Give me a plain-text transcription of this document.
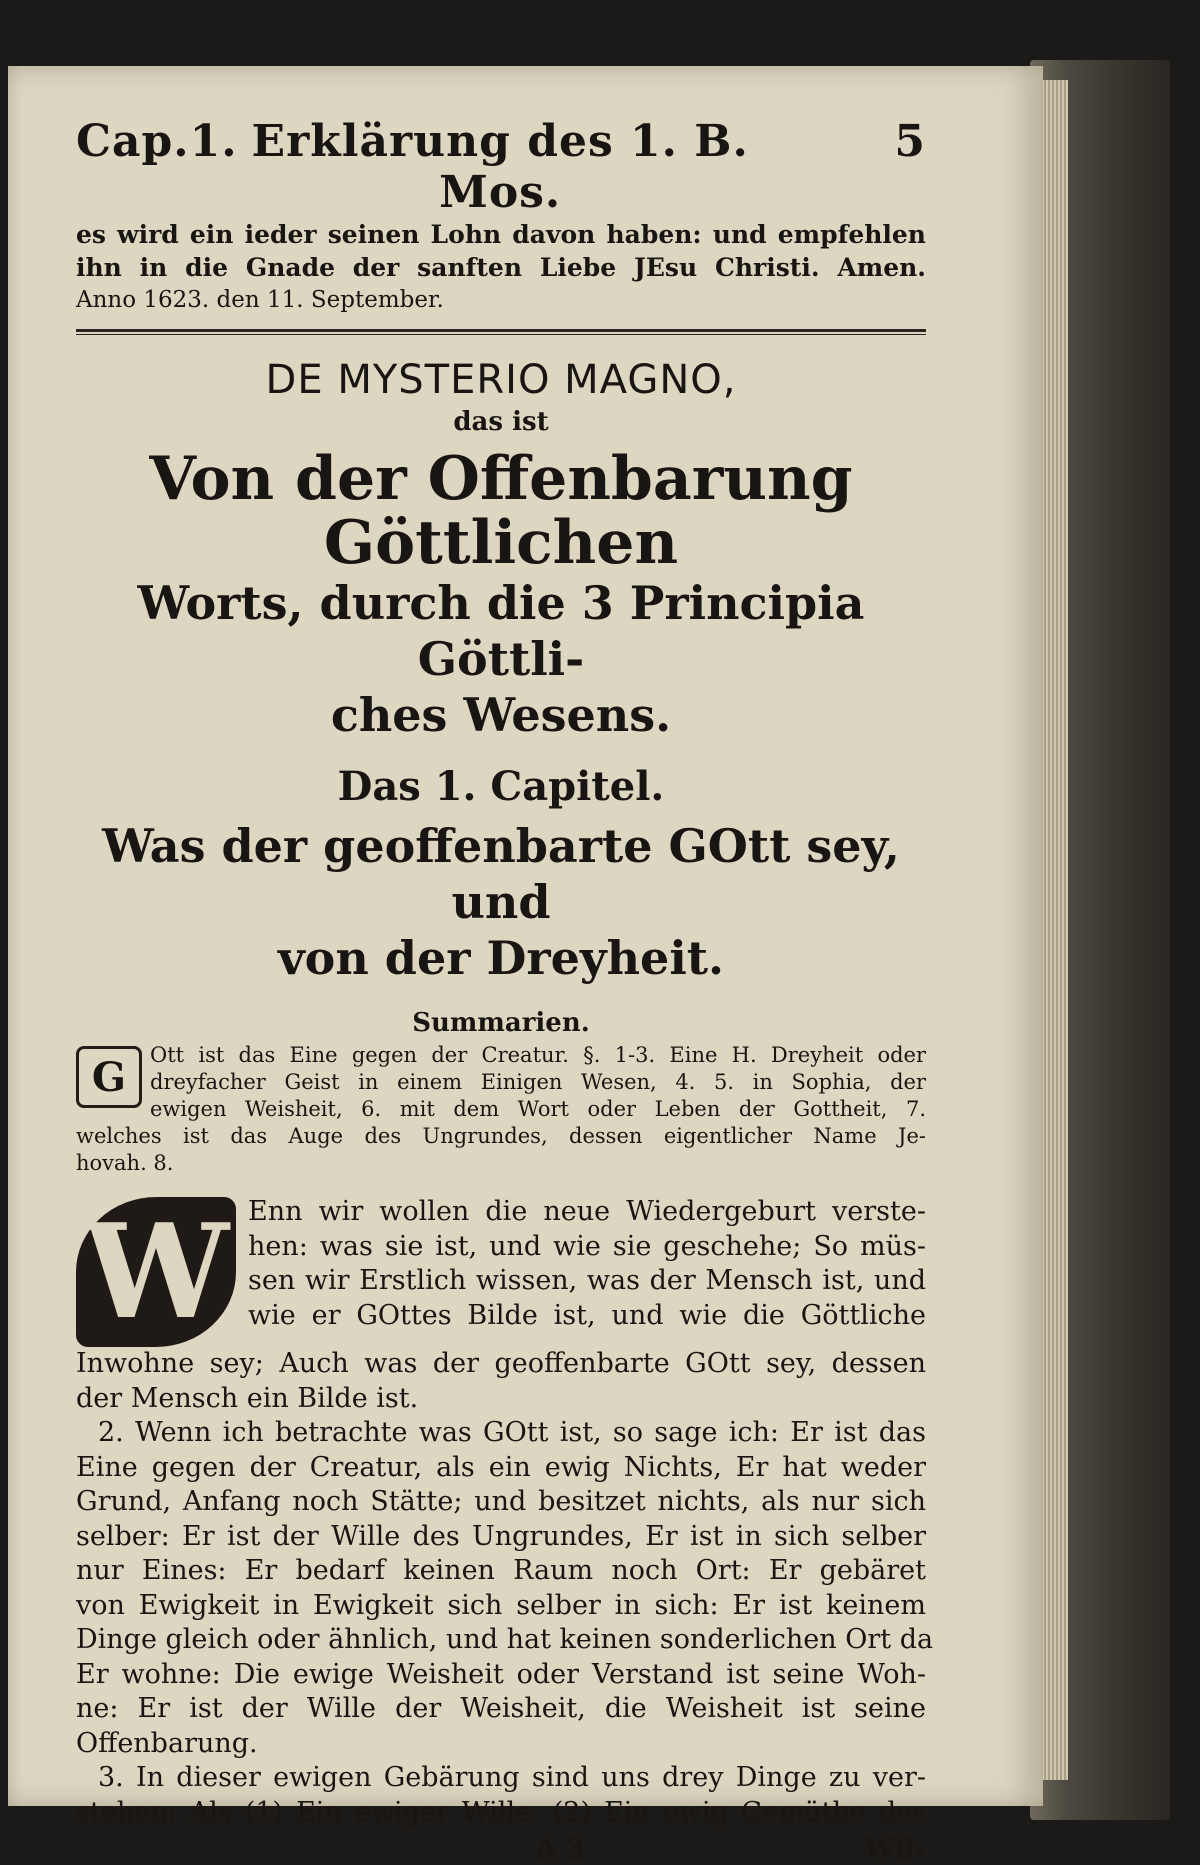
Cap.1. Erklärung des 1. B. Mos.
5
es wird ein ieder seinen Lohn davon haben: und empfehlen
ihn in die Gnade der sanften Liebe JEsu Christi. Amen.
Anno 1623. den 11. September.
DE MYSTERIO MAGNO,
das ist
Von der Offenbarung Göttlichen
Worts, durch die 3 Principia Göttli-
ches Wesens.
Das 1. Capitel.
Was der geoffenbarte GOtt sey, und
von der Dreyheit.
Summarien.
G	Ott ist das Eine gegen der Creatur. §. 1-3. Eine H. Dreyheit oder
dreyfacher Geist in einem Einigen Wesen, 4. 5. in Sophia, der
ewigen Weisheit, 6. mit dem Wort oder Leben der Gottheit, 7.
welches ist das Auge des Ungrundes, dessen eigentlicher Name Je-
hovah. 8.
W Enn wir wollen die neue Wiedergeburt verste-
hen: was sie ist, und wie sie geschehe; So müs-
sen wir Erstlich wissen, was der Mensch ist, und
wie er GOttes Bilde ist, und wie die Göttliche
Inwohne sey; Auch was der geoffenbarte GOtt sey, dessen
der Mensch ein Bilde ist.
2. Wenn ich betrachte was GOtt ist, so sage ich: Er ist das
Eine gegen der Creatur, als ein ewig Nichts, Er hat weder
Grund, Anfang noch Stätte; und besitzet nichts, als nur sich
selber: Er ist der Wille des Ungrundes, Er ist in sich selber
nur Eines: Er bedarf keinen Raum noch Ort: Er gebäret
von Ewigkeit in Ewigkeit sich selber in sich: Er ist keinem
Dinge gleich oder ähnlich, und hat keinen sonderlichen Ort da
Er wohne: Die ewige Weisheit oder Verstand ist seine Woh-
ne: Er ist der Wille der Weisheit, die Weisheit ist seine
Offenbarung.
3. In dieser ewigen Gebärung sind uns drey Dinge zu ver-
stehen: Als (1) Ein ewiger Wille. (2) Ein ewig Gemüthe des
A 3	Wil-
